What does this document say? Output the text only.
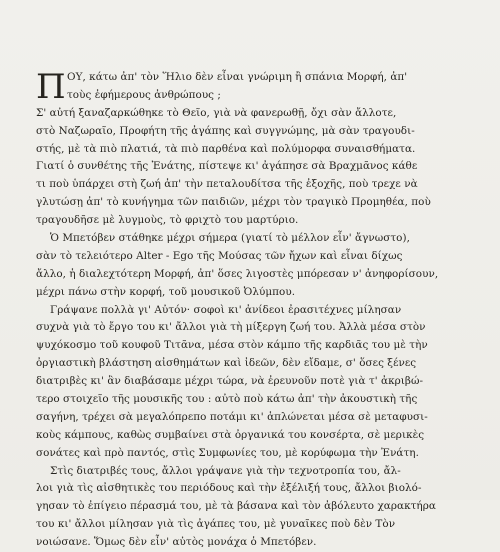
Π ΟΥ, κάτω ἀπ' τὸν Ἥλιο δὲν εἶναι γνώριμη ἢ σπάνια Μορφή, ἀπ'
τοὺς ἐφήμερους ἀνθρώπους ;
Σ' αὐτή ξαναζαρκώθηκε τὸ Θεῖο, γιὰ νὰ φανερωθῇ, ὄχι σὰν ἄλλοτε,
στὸ Ναζωραῖο, Προφήτη τῆς ἀγάπης καὶ συγγνώμης, μὰ σὰν τραγουδι-
στής, μὲ τὰ πιὸ πλατιά, τὰ πιὸ παρθένα καὶ πολύμορφα συναισθήματα.
Γιατί ὁ συνθέτης τῆς Ἐνάτης, πίστεψε κι' ἀγάπησε σὰ Βραχμᾶνος κάθε
τι ποὺ ὑπάρχει στὴ ζωή ἀπ' τὴν πεταλουδίτσα τῆς ἐξοχῆς, ποὺ τρεχε νὰ
γλυτώσῃ ἀπ' τὸ κυνήγημα τῶν παιδιῶν, μέχρι τὸν τραγικὸ Προμηθέα, ποὺ
τραγουδῆσε μὲ λυγμοὺς, τὸ φριχτὸ του μαρτύριο.
Ὁ Μπετόβεν στάθηκε μέχρι σήμερα (γιατί τὸ μέλλον εἶν' ἄγνωστο),
σὰν τὸ τελειότερο Alter - Ego τῆς Μούσας τῶν ἤχων καὶ εἶναι δίχως
ἄλλο, ἡ διαλεχτότερη Μορφή, ἀπ' ὅσες λιγοστὲς μπόρεσαν ν' ἀνηφορίσουν,
μέχρι πάνω στὴν κορφή, τοῦ μουσικοῦ Ὀλύμπου.
Γράψανε πολλὰ γι' Αὐτόν· σοφοὶ κι' ἀνίδεοι ἐρασιτέχνες μίλησαν
συχνὰ γιὰ τὸ ἔργο του κι' ἄλλοι γιὰ τὴ μίξεργη ζωή του. Ἀλλὰ μέσα στὸν
ψυχόκοσμο τοῦ κουφοῦ Τιτᾶνα, μέσα στὸν κάμπο τῆς καρδιᾶς του μὲ τὴν
ὀργιαστικὴ βλάστηση αἰσθημάτων καὶ ἰδεῶν, δὲν εἴδαμε, σ' ὅσες ξένες
διατριβὲς κι' ἂν διαβάσαμε μέχρι τώρα, νὰ ἐρευνοῦν ποτὲ γιὰ τ' ἀκριβώ-
τερο στοιχεῖο τῆς μουσικῆς του : αὐτὸ ποὺ κάτω ἀπ' τὴν ἀκουστικὴ τῆς
σαγήνη, τρέχει σὰ μεγαλόπρεπο ποτάμι κι' ἁπλώνεται μέσα σὲ μεταφυσι-
κοὺς κάμπους, καθὼς συμβαίνει στὰ ὀργανικά του κονσέρτα, σὲ μερικὲς
σονάτες καὶ πρὸ παντός, στὶς Συμφωνίες του, μὲ κορύφωμα τὴν Ἐνάτη.
Στὶς διατριβές τους, ἄλλοι γράψανε γιὰ τὴν τεχνοτροπία του, ἄλ-
λοι γιὰ τὶς αἰσθητικὲς του περιόδους καὶ τὴν ἐξέλιξή τους, ἄλλοι βιολό-
γησαν τὸ ἐπίγειο πέρασμά του, μὲ τὰ βάσανα καὶ τὸν ἀβόλευτο χαρακτήρα
του κι' ἄλλοι μίλησαν γιὰ τὶς ἀγάπες του, μὲ γυναῖκες ποὺ δὲν Τὸν
νοιώσανε. Ὅμως δὲν εἶν' αὐτὸς μονάχα ὁ Μπετόβεν.
